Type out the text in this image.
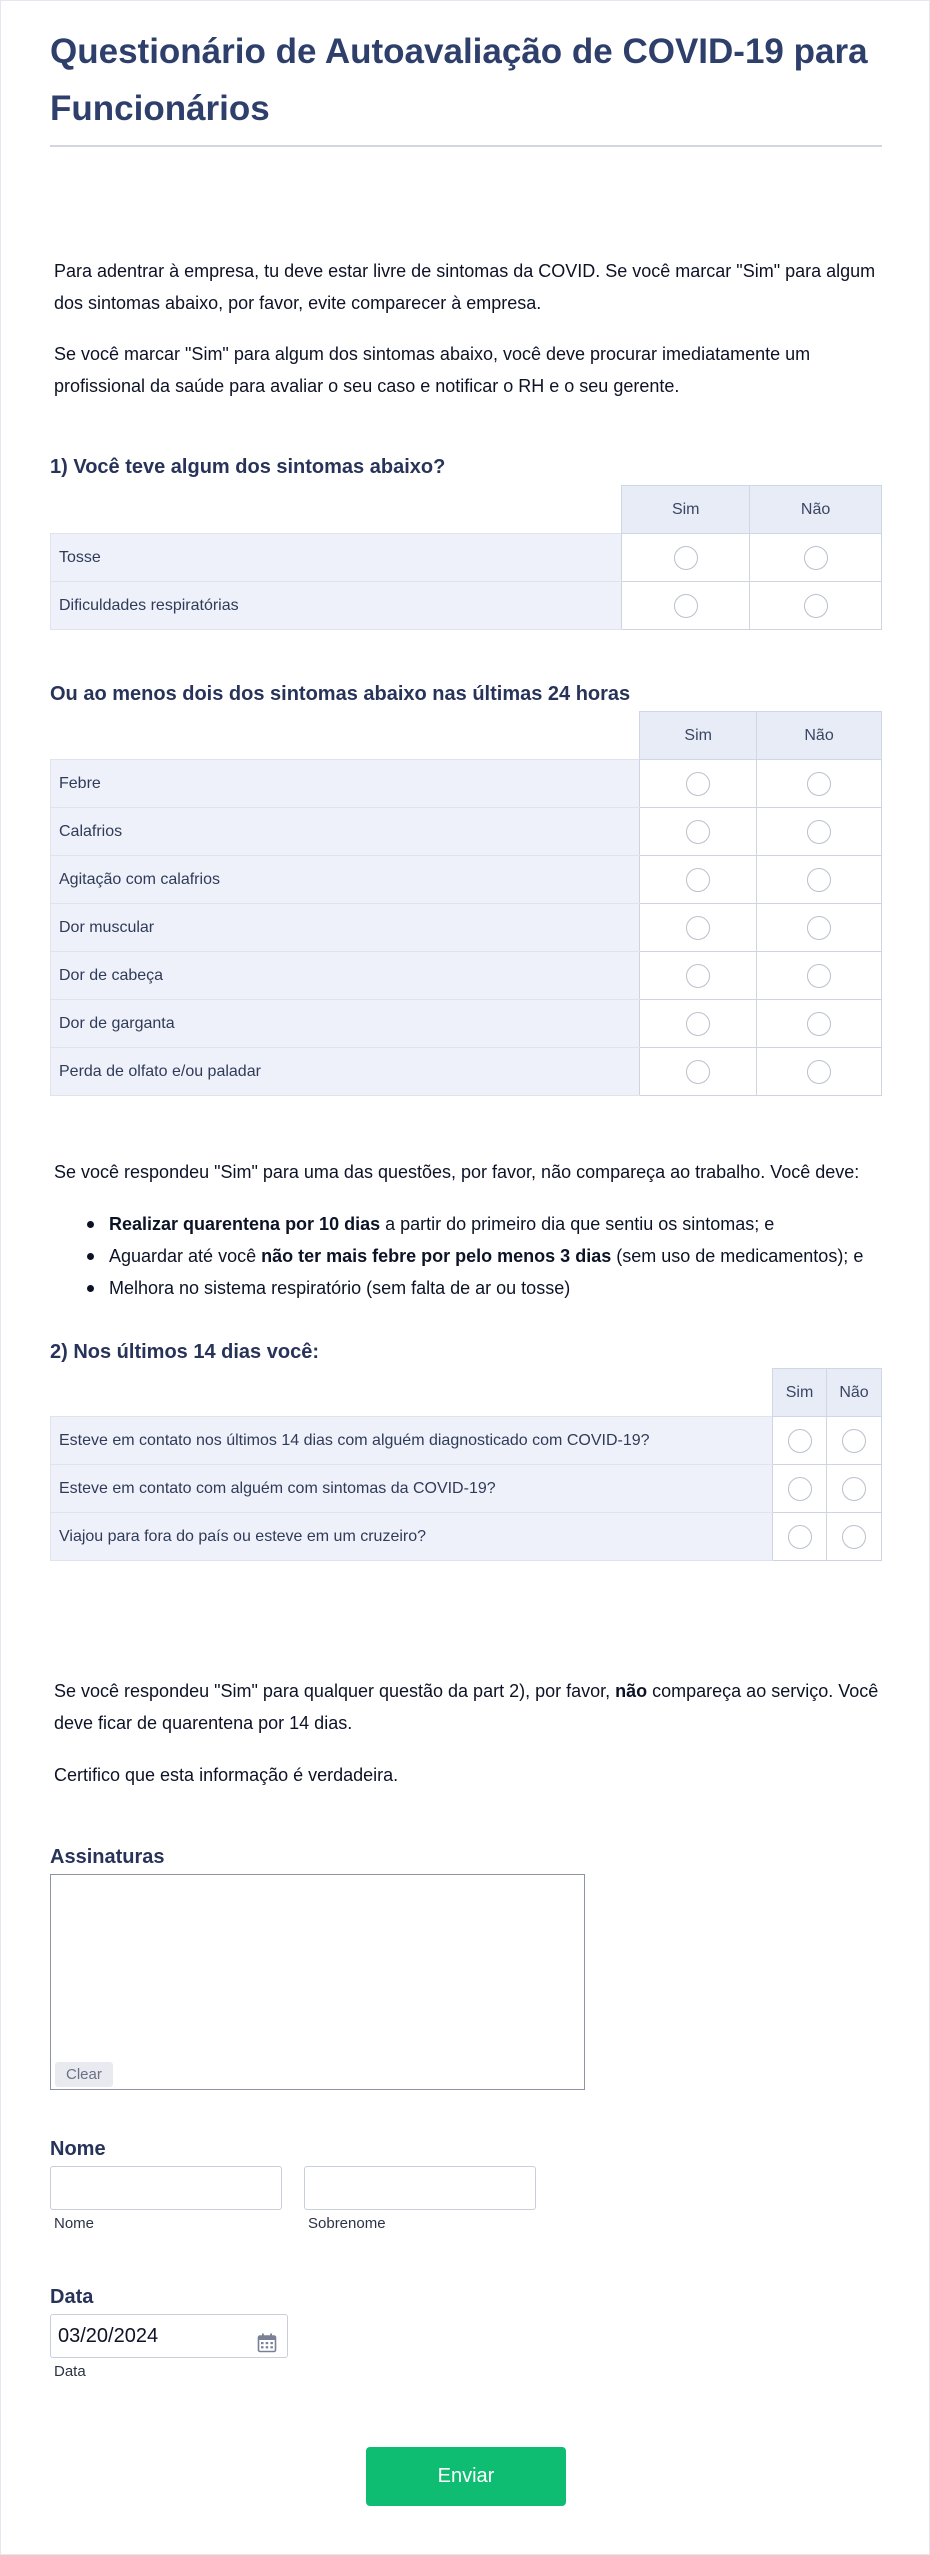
Questionário de Autoavaliação de COVID-19 para Funcionários

Para adentrar à empresa, tu deve estar livre de sintomas da COVID. Se você marcar "Sim" para algum dos sintomas abaixo, por favor, evite comparecer à empresa.

Se você marcar "Sim" para algum dos sintomas abaixo, você deve procurar imediatamente um profissional da saúde para avaliar o seu caso e notificar o RH e o seu gerente.

1) Você teve algum dos sintomas abaixo?
	Sim	Não
Tosse		
Dificuldades respiratórias		
Ou ao menos dois dos sintomas abaixo nas últimas 24 horas
	Sim	Não
Febre		
Calafrios		
Agitação com calafrios		
Dor muscular		
Dor de cabeça		
Dor de garganta		
Perda de olfato e/ou paladar		

Se você respondeu "Sim" para uma das questões, por favor, não compareça ao trabalho. Você deve:

Realizar quarentena por 10 dias a partir do primeiro dia que sentiu os sintomas; e
Aguardar até você não ter mais febre por pelo menos 3 dias (sem uso de medicamentos); e
Melhora no sistema respiratório (sem falta de ar ou tosse)
2) Nos últimos 14 dias você:
	Sim	Não
Esteve em contato nos últimos 14 dias com alguém diagnosticado com COVID-19?		
Esteve em contato com alguém com sintomas da COVID-19?		
Viajou para fora do país ou esteve em um cruzeiro?		

Se você respondeu "Sim" para qualquer questão da part 2), por favor, não compareça ao serviço. Você deve ficar de quarentena por 14 dias.

Certifico que esta informação é verdadeira.

Assinaturas
Clear
Nome
Nome	Sobrenome
Data
03/20/2024
Data
Enviar
